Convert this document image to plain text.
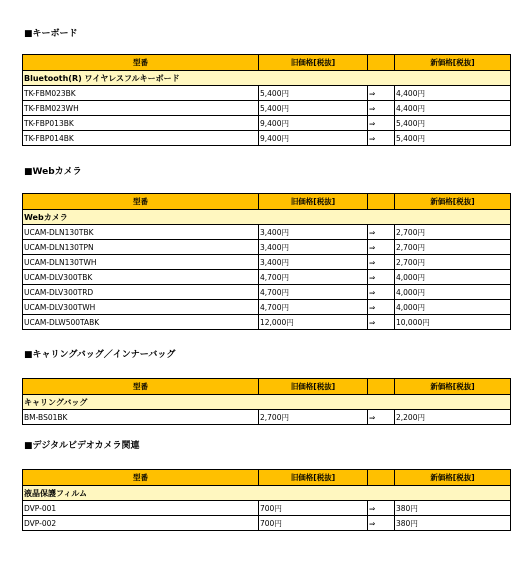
■キーボード
型番	旧価格[税抜]		新価格[税抜]
Bluetooth(R) ワイヤレスフルキーボード			
TK-FBM023BK	5,400円	⇒	4,400円
TK-FBM023WH	5,400円	⇒	4,400円
TK-FBP013BK	9,400円	⇒	5,400円
TK-FBP014BK	9,400円	⇒	5,400円
■Webカメラ
型番	旧価格[税抜]		新価格[税抜]
Webカメラ			
UCAM-DLN130TBK	3,400円	⇒	2,700円
UCAM-DLN130TPN	3,400円	⇒	2,700円
UCAM-DLN130TWH	3,400円	⇒	2,700円
UCAM-DLV300TBK	4,700円	⇒	4,000円
UCAM-DLV300TRD	4,700円	⇒	4,000円
UCAM-DLV300TWH	4,700円	⇒	4,000円
UCAM-DLW500TABK	12,000円	⇒	10,000円
■キャリングバッグ／インナーバッグ
型番	旧価格[税抜]		新価格[税抜]
キャリングバッグ			
BM-BS01BK	2,700円	⇒	2,200円
■デジタルビデオカメラ関連
型番	旧価格[税抜]		新価格[税抜]
液晶保護フィルム			
DVP-001	700円	⇒	380円
DVP-002	700円	⇒	380円
